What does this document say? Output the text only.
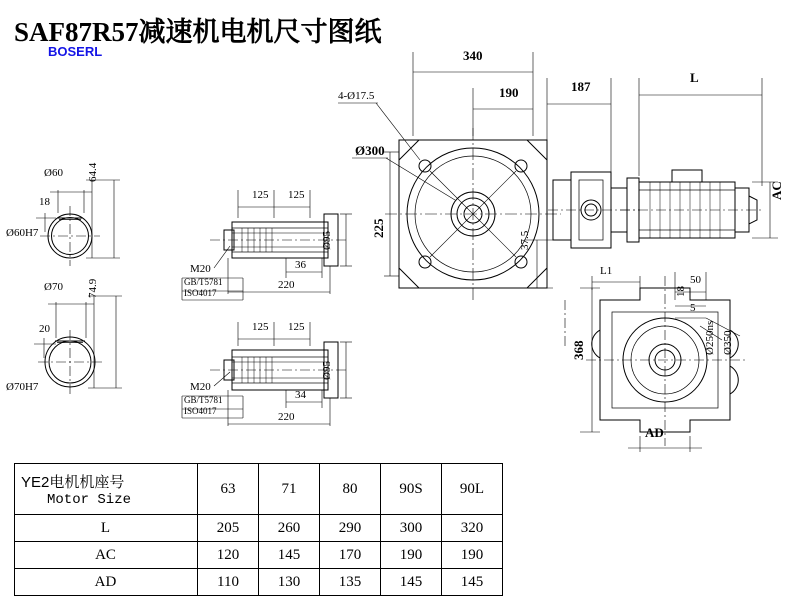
SAF87R57减速机电机尺寸图纸
BOSERL
Ø60
Ø60H7
18
64.4
Ø70
Ø70H7
20
74.9
125 125
36
220
M20
GB/T5781
ISO4017
Ø95
125 125
34
220
M20
GB/T5781
ISO4017
Ø95
340
190	187
L
4-Ø17.5
Ø300
225
37.5
AC
L1
50
18
5
368	Ø250ns Ø350
AD
YE2电机机座号
Motor Size	63	71	80	90S	90L
L	205	260	290	300	320
AC	120	145	170	190	190
AD	110	130	135	145	145
